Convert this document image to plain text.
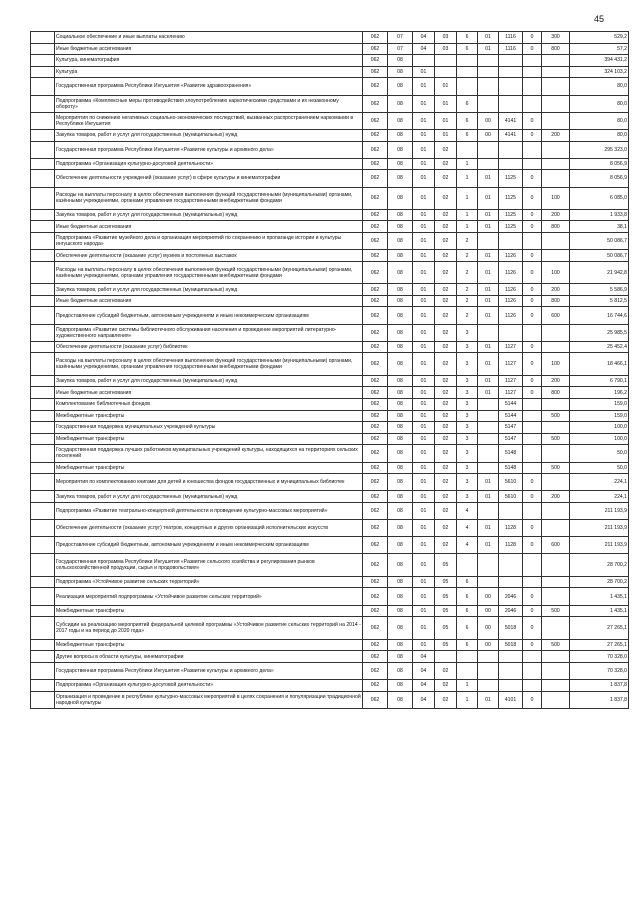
45
	Социальное обеспечение и иные выплаты населению	062	07	04	03	6	01	1116	0	300	529,2
	Иные бюджетные ассигнования	062	07	04	03	6	01	1116	0	800	57,2
	Культура, кинематография	062	08								394 431,2
	Культура	062	08	01							324 103,2
	Государственная программа Республики Ингушетия «Развитие здравоохранения»	062	08	01	01						80,0
	Подпрограмма «Комплексные меры противодействия злоупотреблению наркотическими средствами и их незаконному обороту»	062	08	01	01	6					80,0
	Мероприятия по снижению негативных социально-экономических последствий, вызванных распространением наркомании в Республике Ингушетия	062	08	01	01	6	00	4141	0		80,0
	Закупка товаров, работ и услуг для государственных (муниципальных) нужд	062	08	01	01	6	00	4141	0	200	80,0
	Государственная программа Республики Ингушетия «Развитие культуры и архивного дела»	062	08	01	02						295 323,0
	Подпрограмма «Организация культурно-досуговой деятельности»	062	08	01	02	1					8 056,9
	Обеспечение деятельности учреждений (оказание услуг) в сфере культуры и кинематографии	062	08	01	02	1	01	1125	0		8 056,9
	Расходы на выплаты персоналу в целях обеспечения выполнения функций государственными (муниципальными) органами, казёнными учреждениями, органами управления государственными внебюджетными фондами	062	08	01	02	1	01	1125	0	100	6 085,0
	Закупка товаров, работ и услуг для государственных (муниципальных) нужд	062	08	01	02	1	01	1125	0	200	1 933,8
	Иные бюджетные ассигнования	062	08	01	02	1	01	1125	0	800	38,1
	Подпрограмма «Развитие музейного дела и организация мероприятий по сохранению и пропаганде истории и культуры ингушского народа»	062	08	01	02	2					50 086,7
	Обеспечение деятельности (оказание услуг) музеев и постоянных выставок	062	08	01	02	2	01	1126	0		50 086,7
	Расходы на выплаты персоналу в целях обеспечения выполнения функций государственными (муниципальными) органами, казёнными учреждениями, органами управления государственными внебюджетными фондами	062	08	01	02	2	01	1126	0	100	21 942,8
	Закупка товаров, работ и услуг для государственных (муниципальных) нужд	062	08	01	02	2	01	1126	0	200	5 586,9
	Иные бюджетные ассигнования	062	08	01	02	2	01	1126	0	800	5 812,5
	Предоставление субсидий бюджетным, автономным учреждениям и иным некоммерческим организациям	062	08	01	02	2	01	1126	0	600	16 744,6
	Подпрограмма «Развитие системы библиотечного обслуживания населения и проведение мероприятий литературно-художественного направления»	062	08	01	02	3					25 985,5
	Обеспечение деятельности (оказание услуг) библиотек	062	08	01	02	3	01	1127	0		25 452,4
	Расходы на выплаты персоналу в целях обеспечения выполнения функций государственными (муниципальными) органами, казёнными учреждениями, органами управления государственными внебюджетными фондами	062	08	01	02	3	01	1127	0	100	18 466,1
	Закупка товаров, работ и услуг для государственных (муниципальных) нужд	062	08	01	02	3	01	1127	0	200	6 790,1
	Иные бюджетные ассигнования	062	08	01	02	3	01	1127	0	800	196,2
	Комплектование библиотечных фондов	062	08	01	02	3		5144			159,0
	Межбюджетные трансферты	062	08	01	02	3		5144		500	159,0
	Государственная поддержка муниципальных учреждений культуры	062	08	01	02	3		5147			100,0
	Межбюджетные трансферты	062	08	01	02	3		5147		500	100,0
	Государственная поддержка лучших работников муниципальных учреждений культуры, находящихся на территориях сельских поселений	062	08	01	02	3		5148			50,0
	Межбюджетные трансферты	062	08	01	02	3		5148		500	50,0
	Мероприятия по комплектованию книгами для детей и юношества фондов государственных и муниципальных библиотек	062	08	01	02	3	01	5610	0		224,1
	Закупка товаров, работ и услуг для государственных (муниципальных) нужд	062	08	01	02	3	01	5610	0	200	224,1
	Подпрограмма «Развитие театрально-концертной деятельности и проведение культурно-массовых мероприятий»	062	08	01	02	4					211 193,9
	Обеспечение деятельности (оказание услуг) театров, концертных и других организаций исполнительских искусств	062	08	01	02	4	01	1128	0		211 193,9
	Предоставление субсидий бюджетным, автономным учреждениям и иным некоммерческим организациям	062	08	01	02	4	01	1128	0	600	211 193,9
	Государственная программа Республики Ингушетия «Развитие сельского хозяйства и регулирования рынков сельскохозяйственной продукции, сырья и продовольствия»	062	08	01	05						28 700,2
	Подпрограмма «Устойчивое развитие сельских территорий»	062	08	01	05	6					28 700,2
	Реализация мероприятий подпрограммы «Устойчивое развитие сельских территорий»	062	08	01	05	6	00	2046	0		1 435,1
	Межбюджетные трансферты	062	08	01	05	6	00	2046	0	500	1 435,1
	Субсидии на реализацию мероприятий федеральной целевой программы «Устойчивое развитие сельских территорий на 2014 - 2017 годы и на период до 2020 года»	062	08	01	05	6	00	5018	0		27 265,1
	Межбюджетные трансферты	062	08	01	05	6	00	5018	0	500	27 265,1
	Другие вопросы в области культуры, кинематографии	062	08	04							70 328,0
	Государственная программа Республики Ингушетия «Развитие культуры и архивного дела»	062	08	04	02						70 328,0
	Подпрограмма «Организация культурно-досуговой деятельности»	062	08	04	02	1					1 837,8
	Организация и проведение в республике культурно-массовых мероприятий в целях сохранения и популяризации традиционной народной культуры	062	08	04	02	1	01	4101	0		1 837,8
